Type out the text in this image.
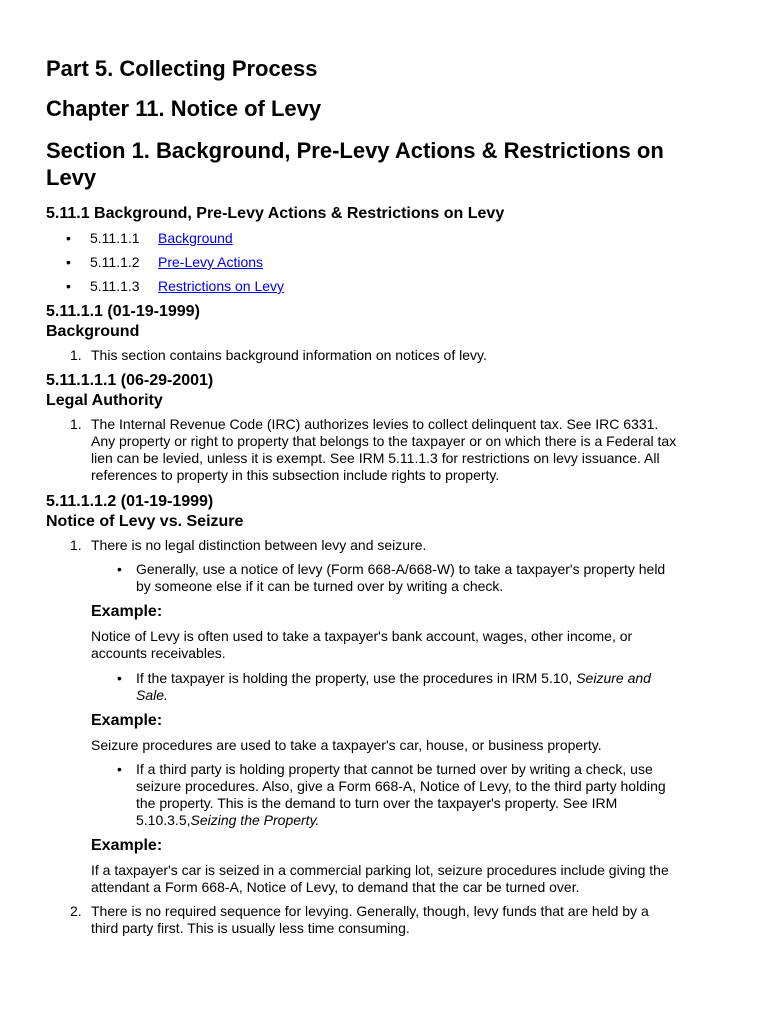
Part 5. Collecting Process
Chapter 11. Notice of Levy
Section 1. Background, Pre-Levy Actions & Restrictions on
Levy
5.11.1 Background, Pre-Levy Actions & Restrictions on Levy
• 5.11.1.1 Background
• 5.11.1.2 Pre-Levy Actions
• 5.11.1.3 Restrictions on Levy
5.11.1.1 (01-19-1999)
Background
1. This section contains background information on notices of levy.
5.11.1.1.1 (06-29-2001)
Legal Authority
1. The Internal Revenue Code (IRC) authorizes levies to collect delinquent tax. See IRC 6331.
Any property or right to property that belongs to the taxpayer or on which there is a Federal tax
lien can be levied, unless it is exempt. See IRM 5.11.1.3 for restrictions on levy issuance. All
references to property in this subsection include rights to property.
5.11.1.1.2 (01-19-1999)
Notice of Levy vs. Seizure
1. There is no legal distinction between levy and seizure.
• Generally, use a notice of levy (Form 668-A/668-W) to take a taxpayer's property held
by someone else if it can be turned over by writing a check.
Example:
Notice of Levy is often used to take a taxpayer's bank account, wages, other income, or
accounts receivables.
• If the taxpayer is holding the property, use the procedures in IRM 5.10, Seizure and
Sale.
Example:
Seizure procedures are used to take a taxpayer's car, house, or business property.
• If a third party is holding property that cannot be turned over by writing a check, use
seizure procedures. Also, give a Form 668-A, Notice of Levy, to the third party holding
the property. This is the demand to turn over the taxpayer's property. See IRM
5.10.3.5,Seizing the Property.
Example:
If a taxpayer's car is seized in a commercial parking lot, seizure procedures include giving the
attendant a Form 668-A, Notice of Levy, to demand that the car be turned over.
2. There is no required sequence for levying. Generally, though, levy funds that are held by a
third party first. This is usually less time consuming.
